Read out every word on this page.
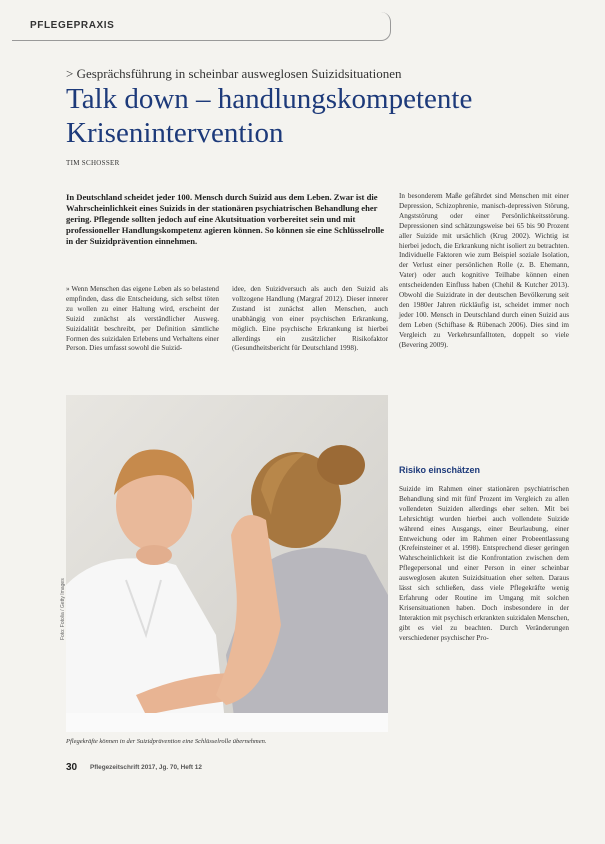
PFLEGEPRAXIS
> Gesprächsführung in scheinbar ausweglosen Suizidsituationen
Talk down – handlungskompetente Krisenintervention
TIM SCHOSSER
In Deutschland scheidet jeder 100. Mensch durch Suizid aus dem Leben. Zwar ist die Wahrscheinlichkeit eines Suizids in der stationären psychiatrischen Behandlung eher gering. Pflegende sollten jedoch auf eine Akutsituation vorbereitet sein und mit professioneller Handlungskompetenz agieren können. So können sie eine Schlüsselrolle in der Suizidprävention einnehmen.
» Wenn Menschen das eigene Leben als so belastend empfinden, dass die Entscheidung, sich selbst töten zu wollen zu einer Haltung wird, erscheint der Suizid zunächst als verständlicher Ausweg. Suizidalität beschreibt, per Definition sämtliche Formen des suizidalen Erlebens und Verhaltens einer Person. Dies umfasst sowohl die Suizid-
idee, den Suizidversuch als auch den Suizid als vollzogene Handlung (Margraf 2012). Dieser innerer Zustand ist zunächst allen Menschen, auch unabhängig von einer psychischen Erkrankung, möglich. Eine psychische Erkrankung ist hierbei allerdings ein zusätzlicher Risikofaktor (Gesundheitsbericht für Deutschland 1998).
In besonderem Maße gefährdet sind Menschen mit einer Depression, Schizophrenie, manisch-depressiven Störung, Angststörung oder einer Persönlichkeitsstörung. Depressionen sind schätzungsweise bei 65 bis 90 Prozent aller Suizide mit ursächlich (Krug 2002). Wichtig ist hierbei jedoch, die Erkrankung nicht isoliert zu betrachten. Individuelle Faktoren wie zum Beispiel soziale Isolation, der Verlust einer persönlichen Rolle (z. B. Ehemann, Vater) oder auch kognitive Teilhabe können einen entscheidenden Einfluss haben (Chehil & Kutcher 2013). Obwohl die Suizidrate in der deutschen Bevölkerung seit den 1980er Jahren rückläufig ist, scheidet immer noch jeder 100. Mensch in Deutschland durch einen Suizid aus dem Leben (Schifhase & Rübenach 2006). Dies sind im Vergleich zu Verkehrsunfalltoten, doppelt so viele (Bevering 2009).
Risiko einschätzen
Suizide im Rahmen einer stationären psychiatrischen Behandlung sind mit fünf Prozent im Vergleich zu allen vollendeten Suiziden allerdings eher selten. Mit bei Lehrsichtigt wurden hierbei auch vollendete Suizide während eines Ausgangs, einer Beurlaubung, einer Entweichung oder im Rahmen einer Probeentlassung (Krefeinsteiner et al. 1998). Entsprechend dieser geringen Wahrscheinlichkeit ist die Konfrontation zwischen dem Pflegepersonal und einer Person in einer scheinbar ausweglosen akuten Suizidsituation eher selten. Daraus lässt sich schließen, dass viele Pflegekräfte wenig Erfahrung oder Routine im Umgang mit solchen Krisensituationen haben. Doch insbesondere in der Interaktion mit psychisch erkrankten suizidalen Menschen, gibt es viel zu beachten. Durch Veränderungen verschiedener psychischer Pro-
Foto: Fotolia / Getty Images
Pflegekräfte können in der Suizidprävention eine Schlüsselrolle übernehmen.
30 Pflegezeitschrift 2017, Jg. 70, Heft 12
